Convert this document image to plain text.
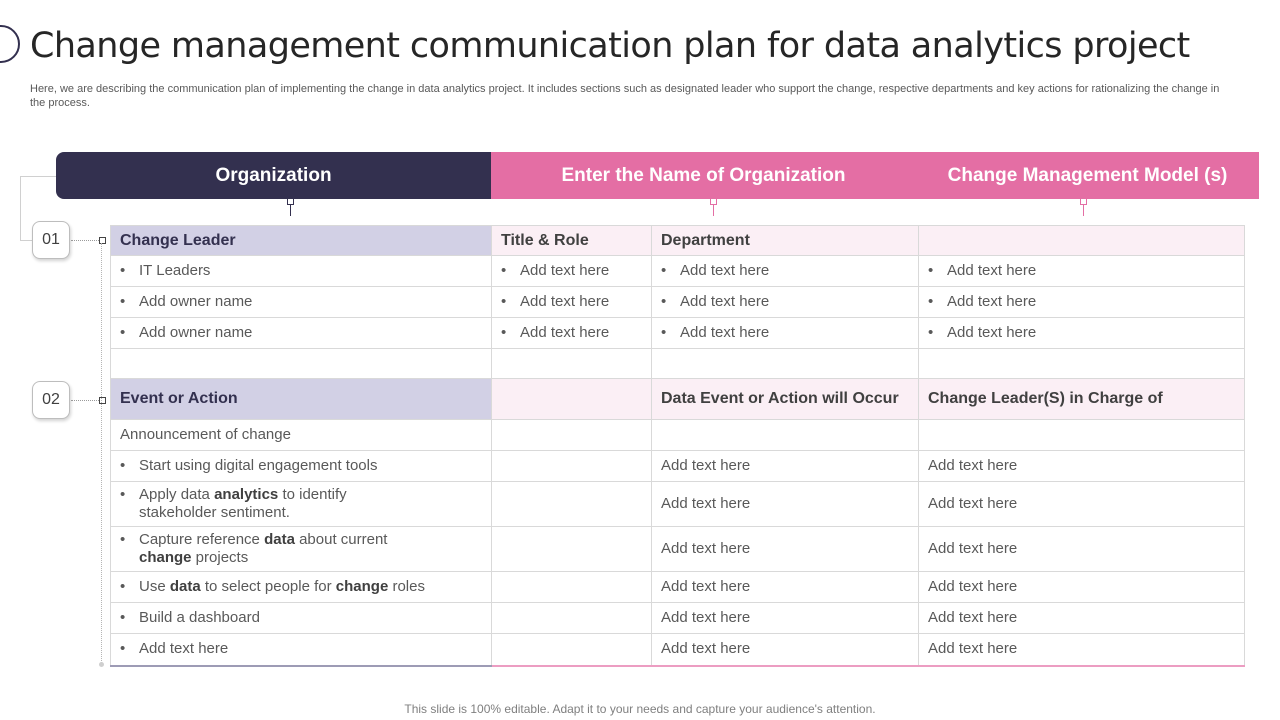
Change management communication plan for data analytics project
Here, we are describing the communication plan of implementing the change in data analytics project. It includes sections such as designated leader who support the change, respective departments and key actions for rationalizing the change in the process.
Organization	Enter the Name of Organization	Change Management Model (s)
01
02
Change Leader	Title & Role	Department	

• IT Leaders	• Add text here	• Add text here	• Add text here

• Add owner name	• Add text here	• Add text here	• Add text here

• Add owner name	• Add text here	• Add text here	• Add text here

Event or Action		Data Event or Action will Occur	Change Leader(S) in Charge of
Announcement of change			

• Start using digital engagement tools		Add text here	Add text here

• Apply data analytics to identify
stakeholder sentiment.		Add text here	Add text here

• Capture reference data about current
change projects		Add text here	Add text here

• Use data to select people for change roles		Add text here	Add text here

• Build a dashboard		Add text here	Add text here

• Add text here		Add text here	Add text here
This slide is 100% editable. Adapt it to your needs and capture your audience's attention.
